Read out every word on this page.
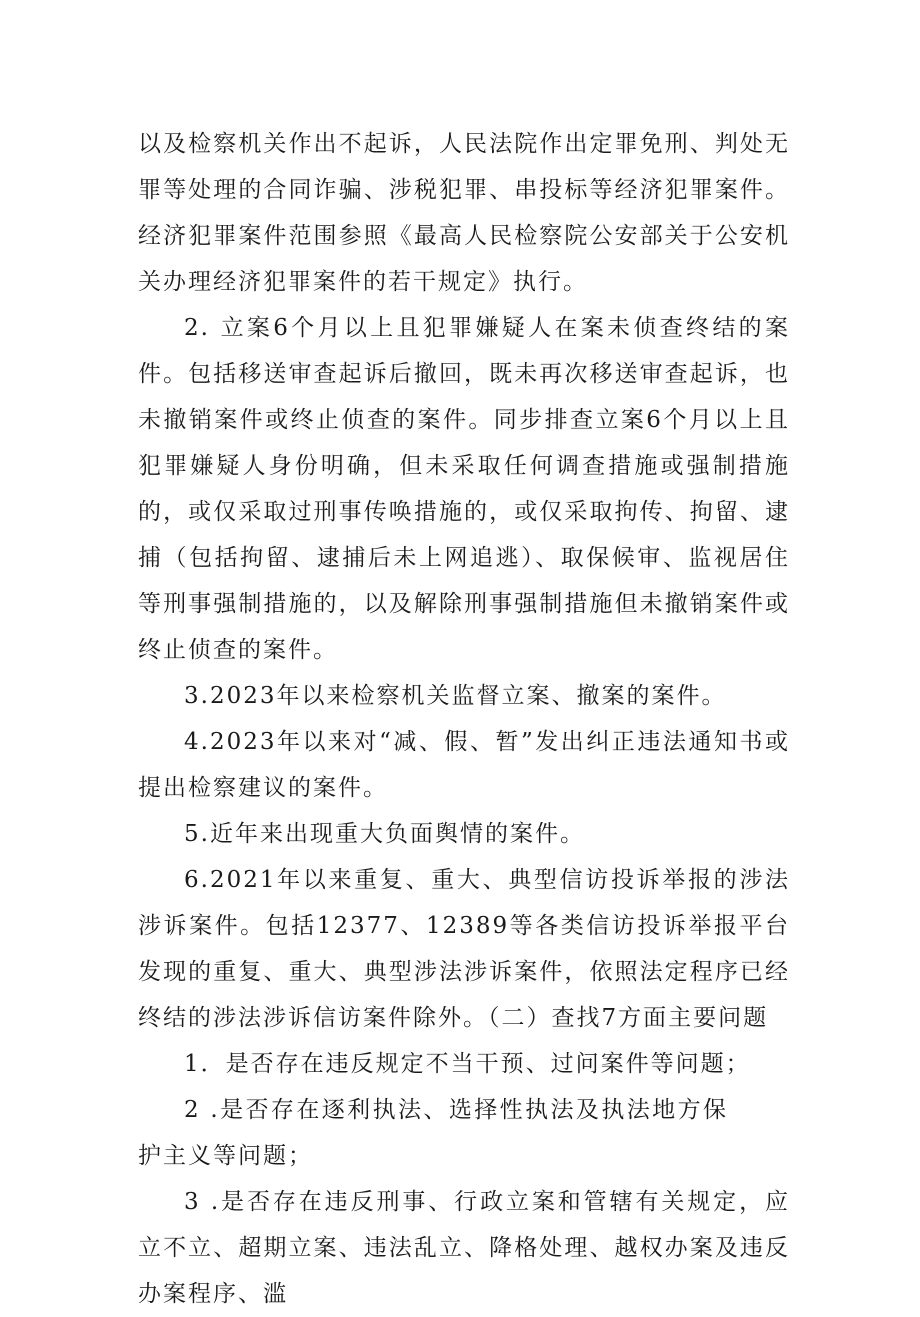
以及检察机关作出不起诉，人民法院作出定罪免刑、判处无罪等处理的合同诈骗、涉税犯罪、串投标等经济犯罪案件。经济犯罪案件范围参照《最高人民检察院公安部关于公安机关办理经济犯罪案件的若干规定》执行。

2. 立案6个月以上且犯罪嫌疑人在案未侦查终结的案件。包括移送审查起诉后撤回，既未再次移送审查起诉，也未撤销案件或终止侦查的案件。同步排查立案6个月以上且犯罪嫌疑人身份明确，但未采取任何调查措施或强制措施的，或仅采取过刑事传唤措施的，或仅采取拘传、拘留、逮捕（包括拘留、逮捕后未上网追逃）、取保候审、监视居住等刑事强制措施的，以及解除刑事强制措施但未撤销案件或终止侦查的案件。

3.2023年以来检察机关监督立案、撤案的案件。

4.2023年以来对“减、假、暂”发出纠正违法通知书或提出检察建议的案件。

5.近年来出现重大负面舆情的案件。

6.2021年以来重复、重大、典型信访投诉举报的涉法涉诉案件。包括12377、12389等各类信访投诉举报平台发现的重复、重大、典型涉法涉诉案件，依照法定程序已经终结的涉法涉诉信访案件除外。（二）查找7方面主要问题

1．是否存在违反规定不当干预、过问案件等问题；

2 .是否存在逐利执法、选择性执法及执法地方保护主义等问题；

3 .是否存在违反刑事、行政立案和管辖有关规定，应立不立、超期立案、违法乱立、降格处理、越权办案及违反办案程序、滥
